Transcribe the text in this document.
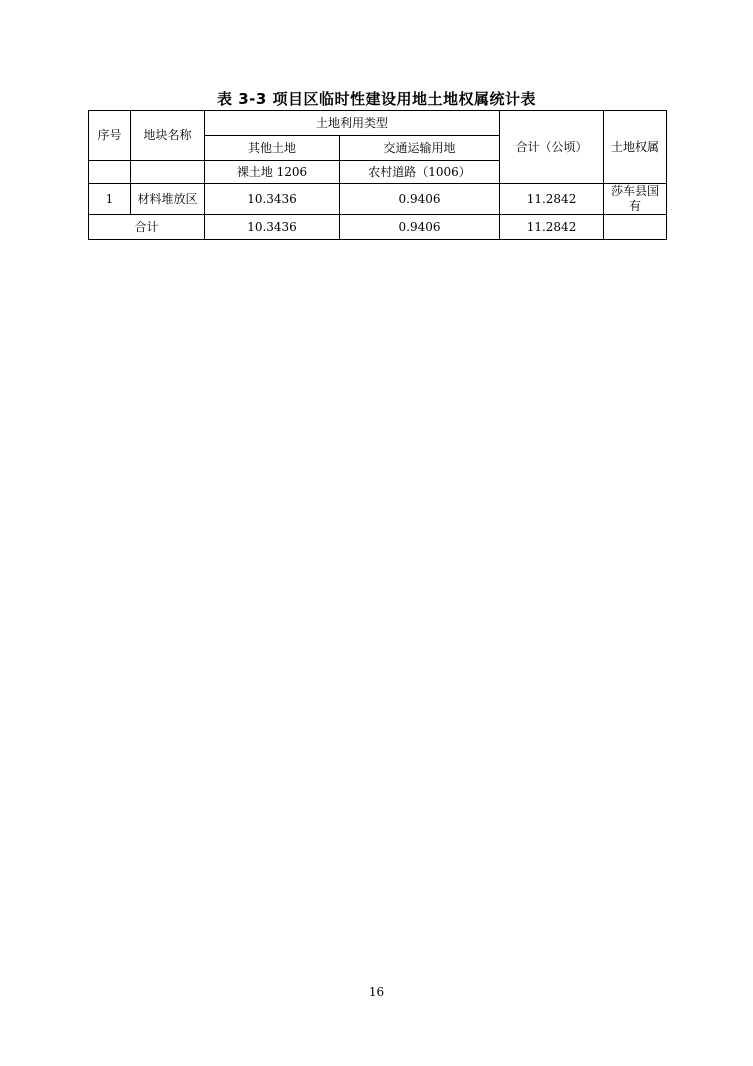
表 3-3 项目区临时性建设用地土地权属统计表
序号	地块名称	土地利用类型		合计（公顷）	土地权属
		其他土地	交通运输用地		
		裸土地 1206	农村道路（1006）		
1	材料堆放区	10.3436	0.9406	11.2842	莎车县国有
合计		10.3436	0.9406	11.2842	
16
